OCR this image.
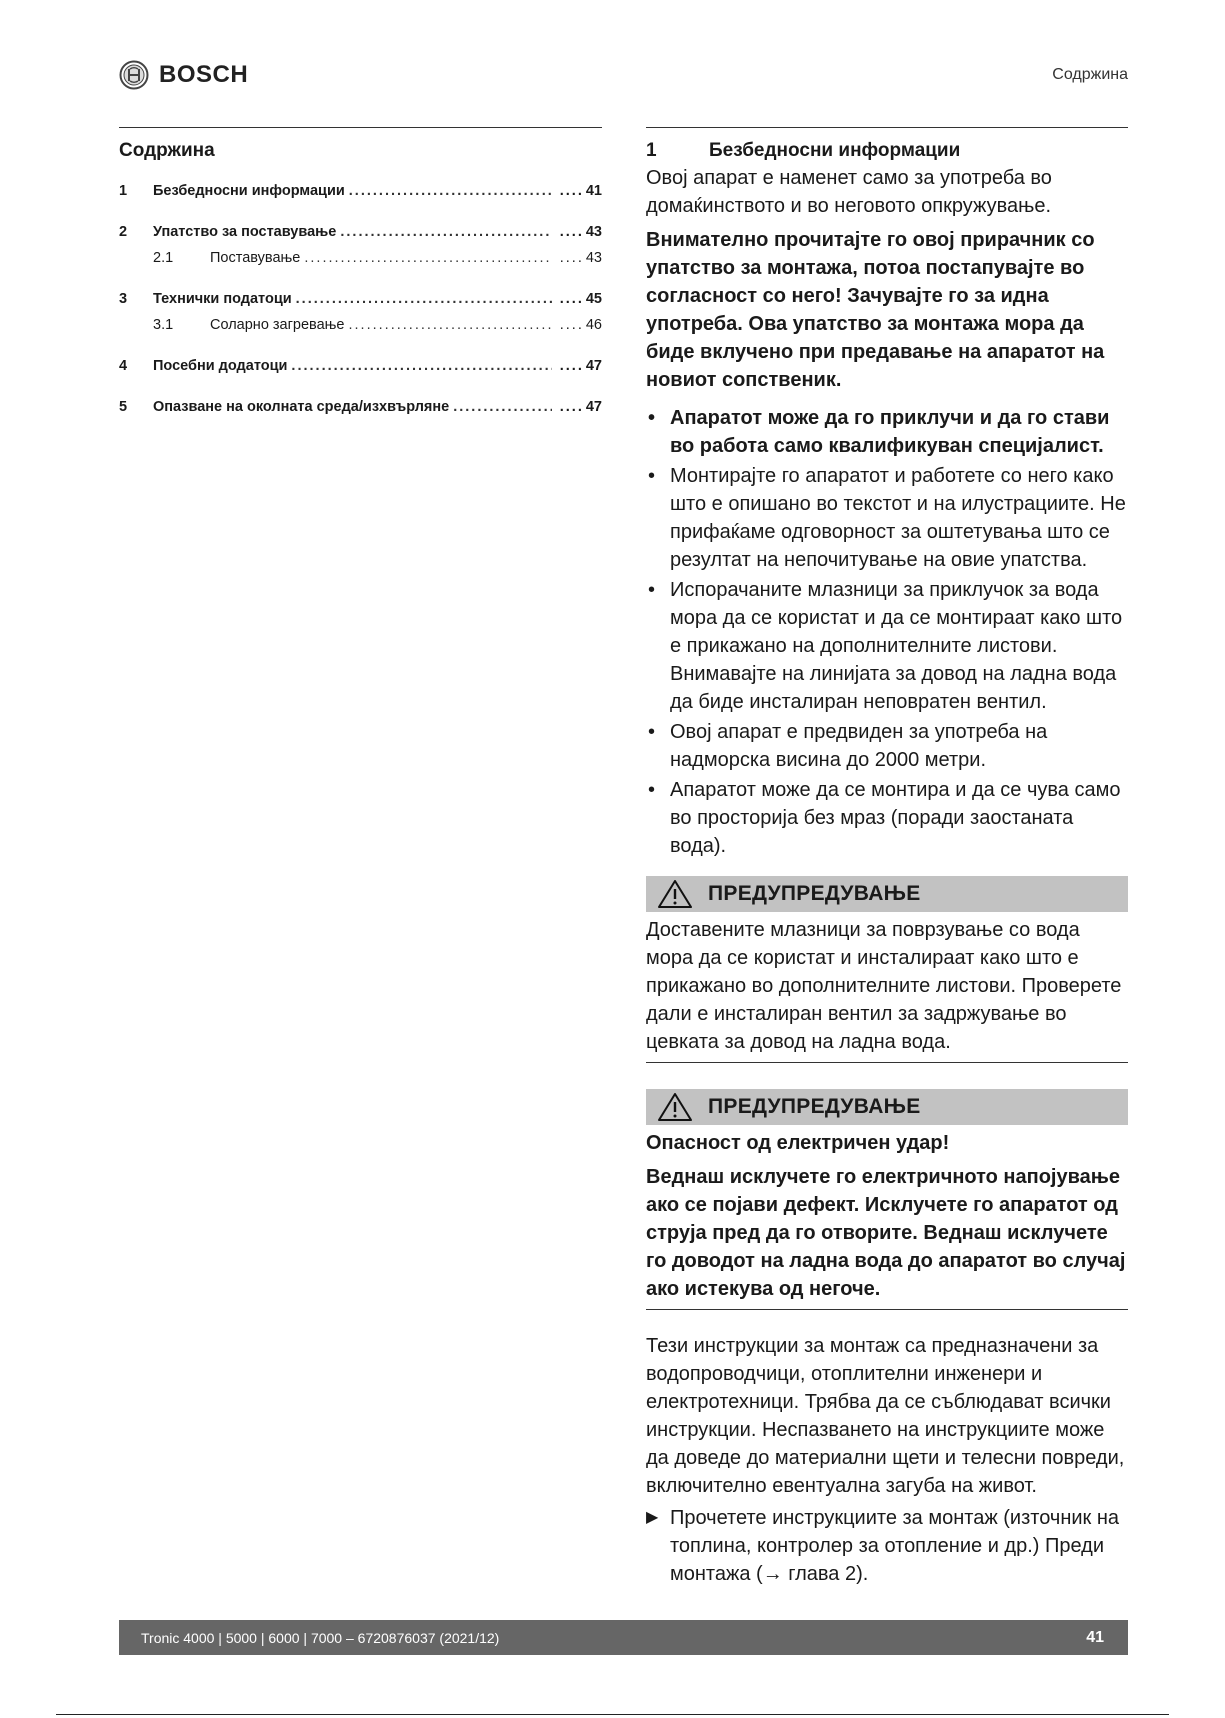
BOSCH	Содржина
Содржина
1	Безбедносни информации .....	.... 41
2	Упатство за поставување .....	.... 43
2.1	Поставување .....	.... 43
3	Технички податоци .....	.... 45
3.1	Соларно загревање .....	.... 46
4	Посебни додатоци .....	.... 47
5	Опазване на околната среда/изхвърляне .....	.... 47
1	Безбедносни информации

Овој апарат е наменет само за употреба во домаќинството и во неговото опкружување.

Внимателно прочитајте го овој прирачник со упатство за монтажа, потоа постапувајте во согласност со него! Зачувајте го за идна употреба. Ова упатство за монтажа мора да биде вклучено при предавање на апаратот на новиот сопственик.

• Апаратот може да го приклучи и да го стави во работа само квалификуван специјалист.
• Монтирајте го апаратот и работете со него како што е опишано во текстот и на илустрациите. Не прифаќаме одговорност за оштетувања што се резултат на непочитување на овие упатства.
• Испорачаните млазници за приклучок за вода мора да се користат и да се монтираат како што е прикажано на дополнителните листови. Внимавајте на линијата за довод на ладна вода да биде инсталиран неповратен вентил.
• Овој апарат е предвиден за употреба на надморска висина до 2000 метри.
• Апаратот може да се монтира и да се чува само во просторија без мраз (поради заостаната вода).
ПРЕДУПРЕДУВАЊЕ

Доставените млазници за поврзување со вода мора да се користат и инсталираат како што е прикажано во дополнителните листови. Проверете дали е инсталиран вентил за задржување во цевката за довод на ладна вода.

ПРЕДУПРЕДУВАЊЕ

Опасност од електричен удар!

Веднаш исклучете го електричното напојување ако се појави дефект. Исклучете го апаратот од струја пред да го отворите. Веднаш исклучете го доводот на ладна вода до апаратот во случај ако истекува од негоче.

Тези инструкции за монтаж са предназначени за водопроводчици, отоплителни инженери и електротехници. Трябва да се съблюдават всички инструкции. Неспазването на инструкциите може да доведе до материални щети и телесни повреди, включително евентуална загуба на живот.

▶ Прочетете инструкциите за монтаж (източник на топлина, контролер за отопление и др.) Преди монтажа (→ глава 2).
Tronic 4000 | 5000 | 6000 | 7000 – 6720876037 (2021/12)	41
